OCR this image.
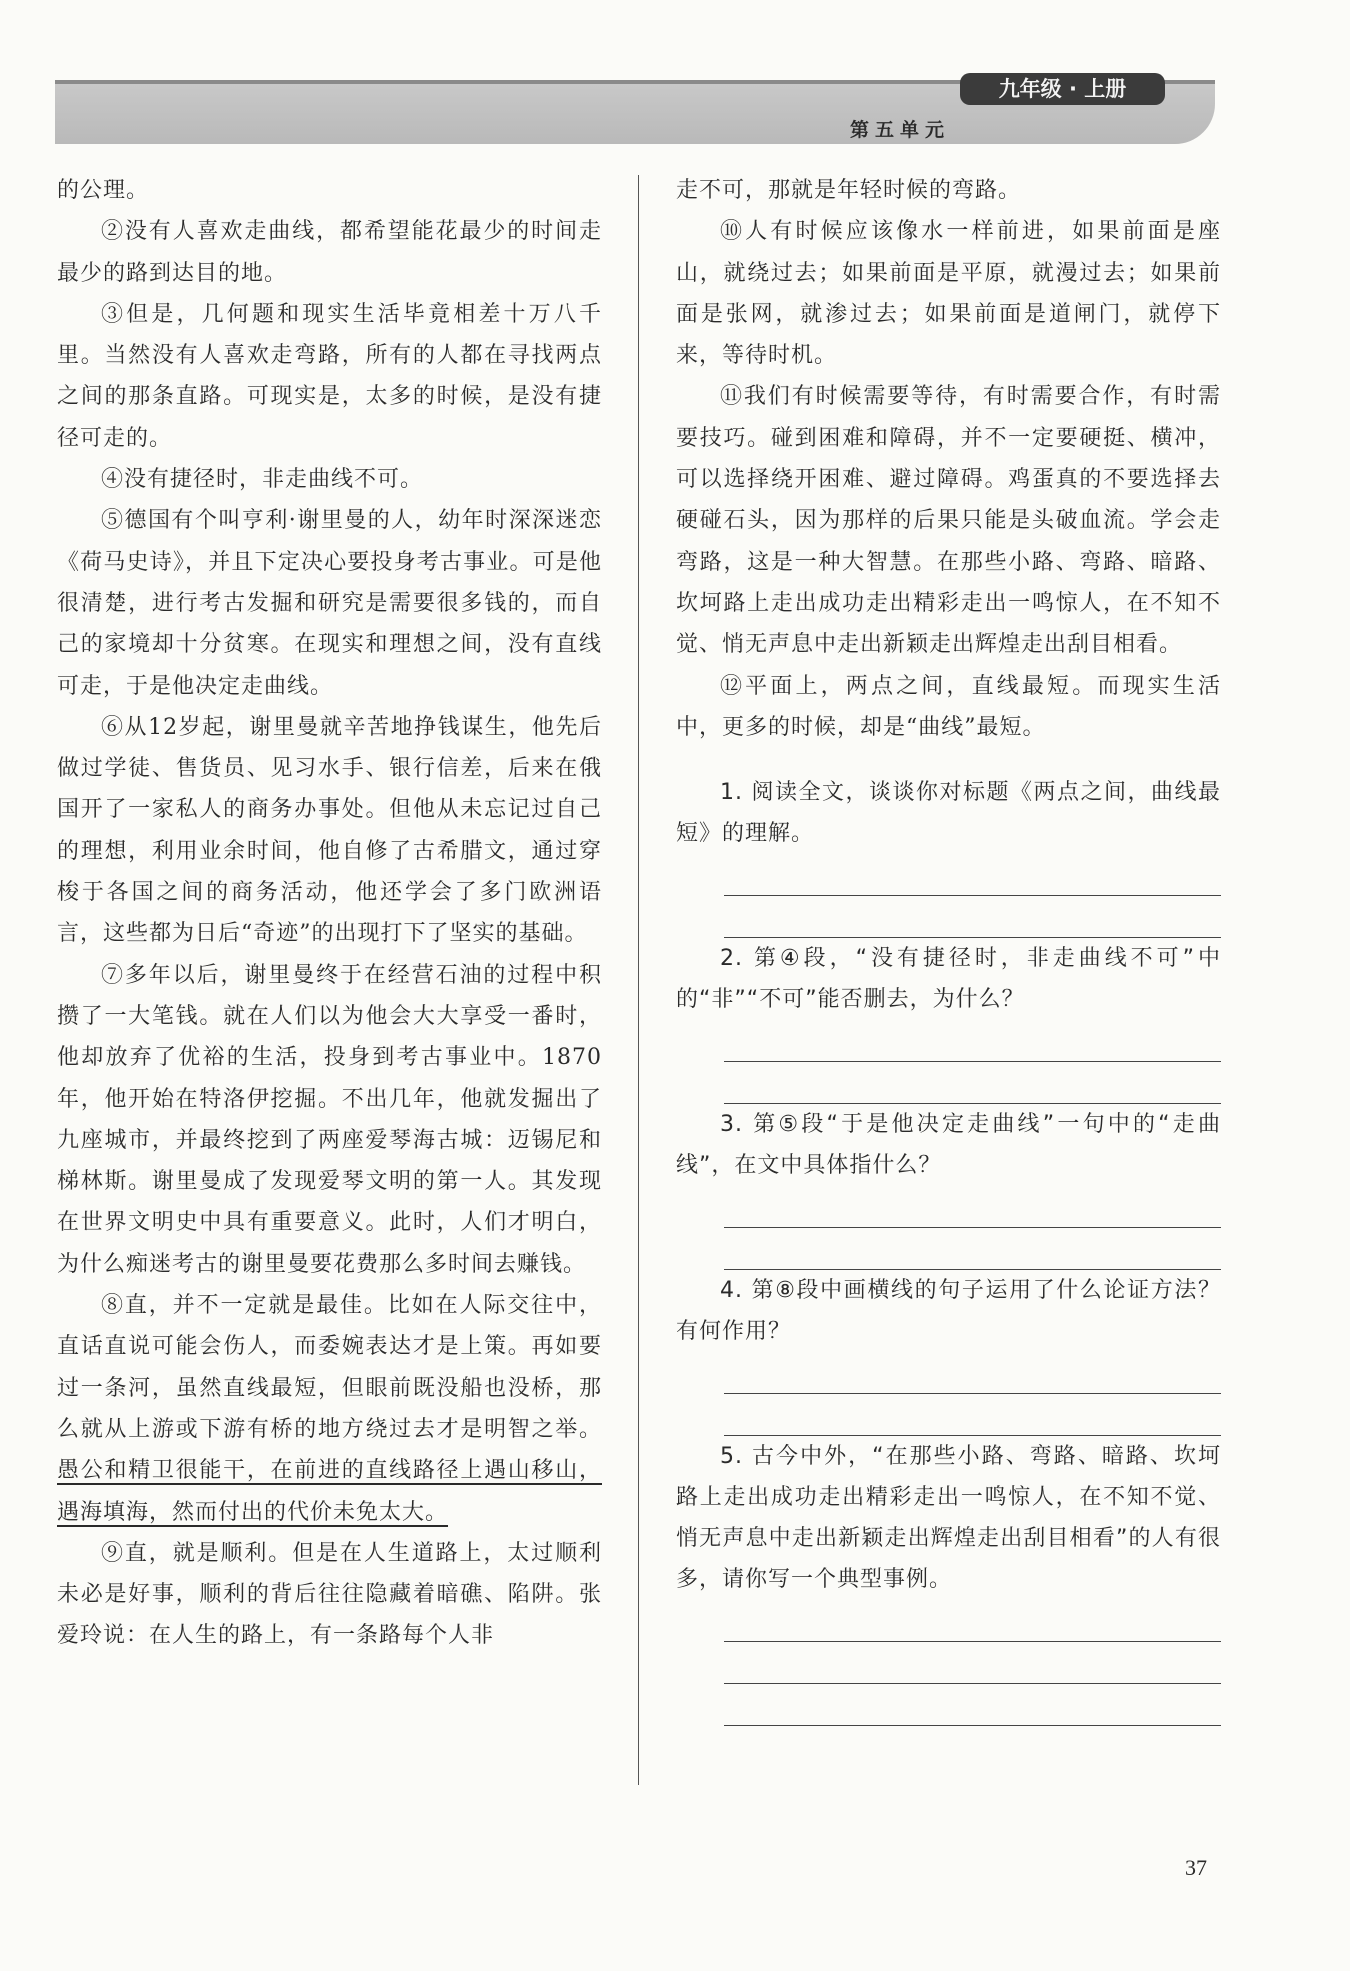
九年级 · 上册
第五单元

的公理。

②没有人喜欢走曲线，都希望能花最少的时间走最少的路到达目的地。

③但是，几何题和现实生活毕竟相差十万八千里。当然没有人喜欢走弯路，所有的人都在寻找两点之间的那条直路。可现实是，太多的时候，是没有捷径可走的。

④没有捷径时，非走曲线不可。

⑤德国有个叫亨利·谢里曼的人，幼年时深深迷恋《荷马史诗》，并且下定决心要投身考古事业。可是他很清楚，进行考古发掘和研究是需要很多钱的，而自己的家境却十分贫寒。在现实和理想之间，没有直线可走，于是他决定走曲线。

⑥从12岁起，谢里曼就辛苦地挣钱谋生，他先后做过学徒、售货员、见习水手、银行信差，后来在俄国开了一家私人的商务办事处。但他从未忘记过自己的理想，利用业余时间，他自修了古希腊文，通过穿梭于各国之间的商务活动，他还学会了多门欧洲语言，这些都为日后“奇迹”的出现打下了坚实的基础。

⑦多年以后，谢里曼终于在经营石油的过程中积攒了一大笔钱。就在人们以为他会大大享受一番时，他却放弃了优裕的生活，投身到考古事业中。1870年，他开始在特洛伊挖掘。不出几年，他就发掘出了九座城市，并最终挖到了两座爱琴海古城：迈锡尼和梯林斯。谢里曼成了发现爱琴文明的第一人。其发现在世界文明史中具有重要意义。此时，人们才明白，为什么痴迷考古的谢里曼要花费那么多时间去赚钱。

⑧直，并不一定就是最佳。比如在人际交往中，直话直说可能会伤人，而委婉表达才是上策。再如要过一条河，虽然直线最短，但眼前既没船也没桥，那么就从上游或下游有桥的地方绕过去才是明智之举。愚公和精卫很能干，在前进的直线路径上遇山移山，遇海填海，然而付出的代价未免太大。

⑨直，就是顺利。但是在人生道路上，太过顺利未必是好事，顺利的背后往往隐藏着暗礁、陷阱。张爱玲说：在人生的路上，有一条路每个人非

走不可，那就是年轻时候的弯路。

⑩人有时候应该像水一样前进，如果前面是座山，就绕过去；如果前面是平原，就漫过去；如果前面是张网，就渗过去；如果前面是道闸门，就停下来，等待时机。

⑪我们有时候需要等待，有时需要合作，有时需要技巧。碰到困难和障碍，并不一定要硬挺、横冲，可以选择绕开困难、避过障碍。鸡蛋真的不要选择去硬碰石头，因为那样的后果只能是头破血流。学会走弯路，这是一种大智慧。在那些小路、弯路、暗路、坎坷路上走出成功走出精彩走出一鸣惊人，在不知不觉、悄无声息中走出新颖走出辉煌走出刮目相看。

⑫平面上，两点之间，直线最短。而现实生活中，更多的时候，却是“曲线”最短。

1. 阅读全文，谈谈你对标题《两点之间，曲线最短》的理解。

2. 第④段，“没有捷径时，非走曲线不可”中的“非”“不可”能否删去，为什么？

3. 第⑤段“于是他决定走曲线”一句中的“走曲线”，在文中具体指什么？

4. 第⑧段中画横线的句子运用了什么论证方法？有何作用？

5. 古今中外，“在那些小路、弯路、暗路、坎坷路上走出成功走出精彩走出一鸣惊人，在不知不觉、悄无声息中走出新颖走出辉煌走出刮目相看”的人有很多，请你写一个典型事例。

37
